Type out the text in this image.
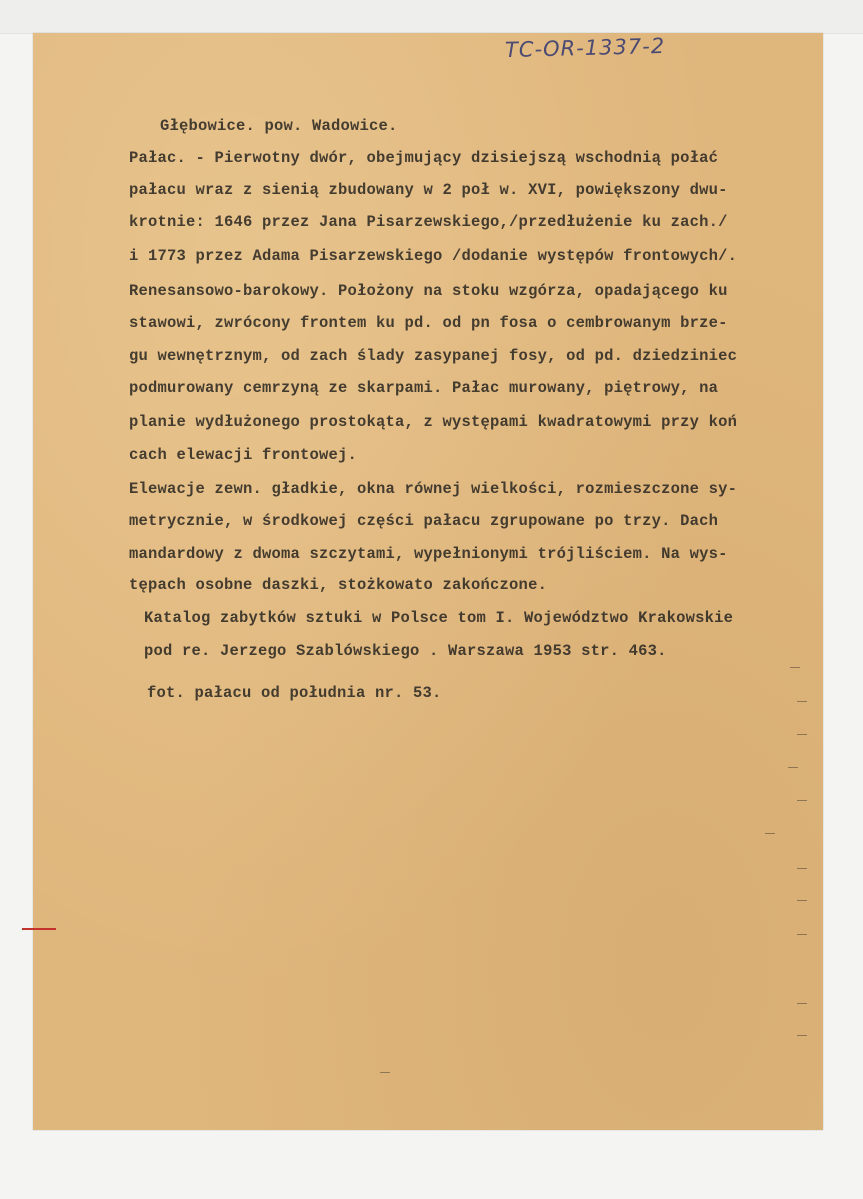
TC-OR-1337-2
Głębowice. pow. Wadowice.
Pałac. - Pierwotny dwór, obejmujący dzisiejszą wschodnią połać
pałacu wraz z sienią zbudowany w 2 poł w. XVI, powiększony dwu-
krotnie: 1646 przez Jana Pisarzewskiego,/przedłużenie ku zach./
i 1773 przez Adama Pisarzewskiego /dodanie występów frontowych/.
Renesansowo-barokowy. Położony na stoku wzgórza, opadającego ku
stawowi, zwrócony frontem ku pd. od pn fosa o cembrowanym brze-
gu wewnętrznym, od zach ślady zasypanej fosy, od pd. dziedziniec
podmurowany cemrzyną ze skarpami. Pałac murowany, piętrowy, na
planie wydłużonego prostokąta, z występami kwadratowymi przy koń
cach elewacji frontowej.
Elewacje zewn. gładkie, okna równej wielkości, rozmieszczone sy-
metrycznie, w środkowej części pałacu zgrupowane po trzy. Dach
mandardowy z dwoma szczytami, wypełnionymi trójliściem. Na wys-
tępach osobne daszki, stożkowato zakończone.
Katalog zabytków sztuki w Polsce tom I. Województwo Krakowskie
pod re. Jerzego Szablówskiego . Warszawa 1953 str. 463.
fot. pałacu od południa nr. 53.
